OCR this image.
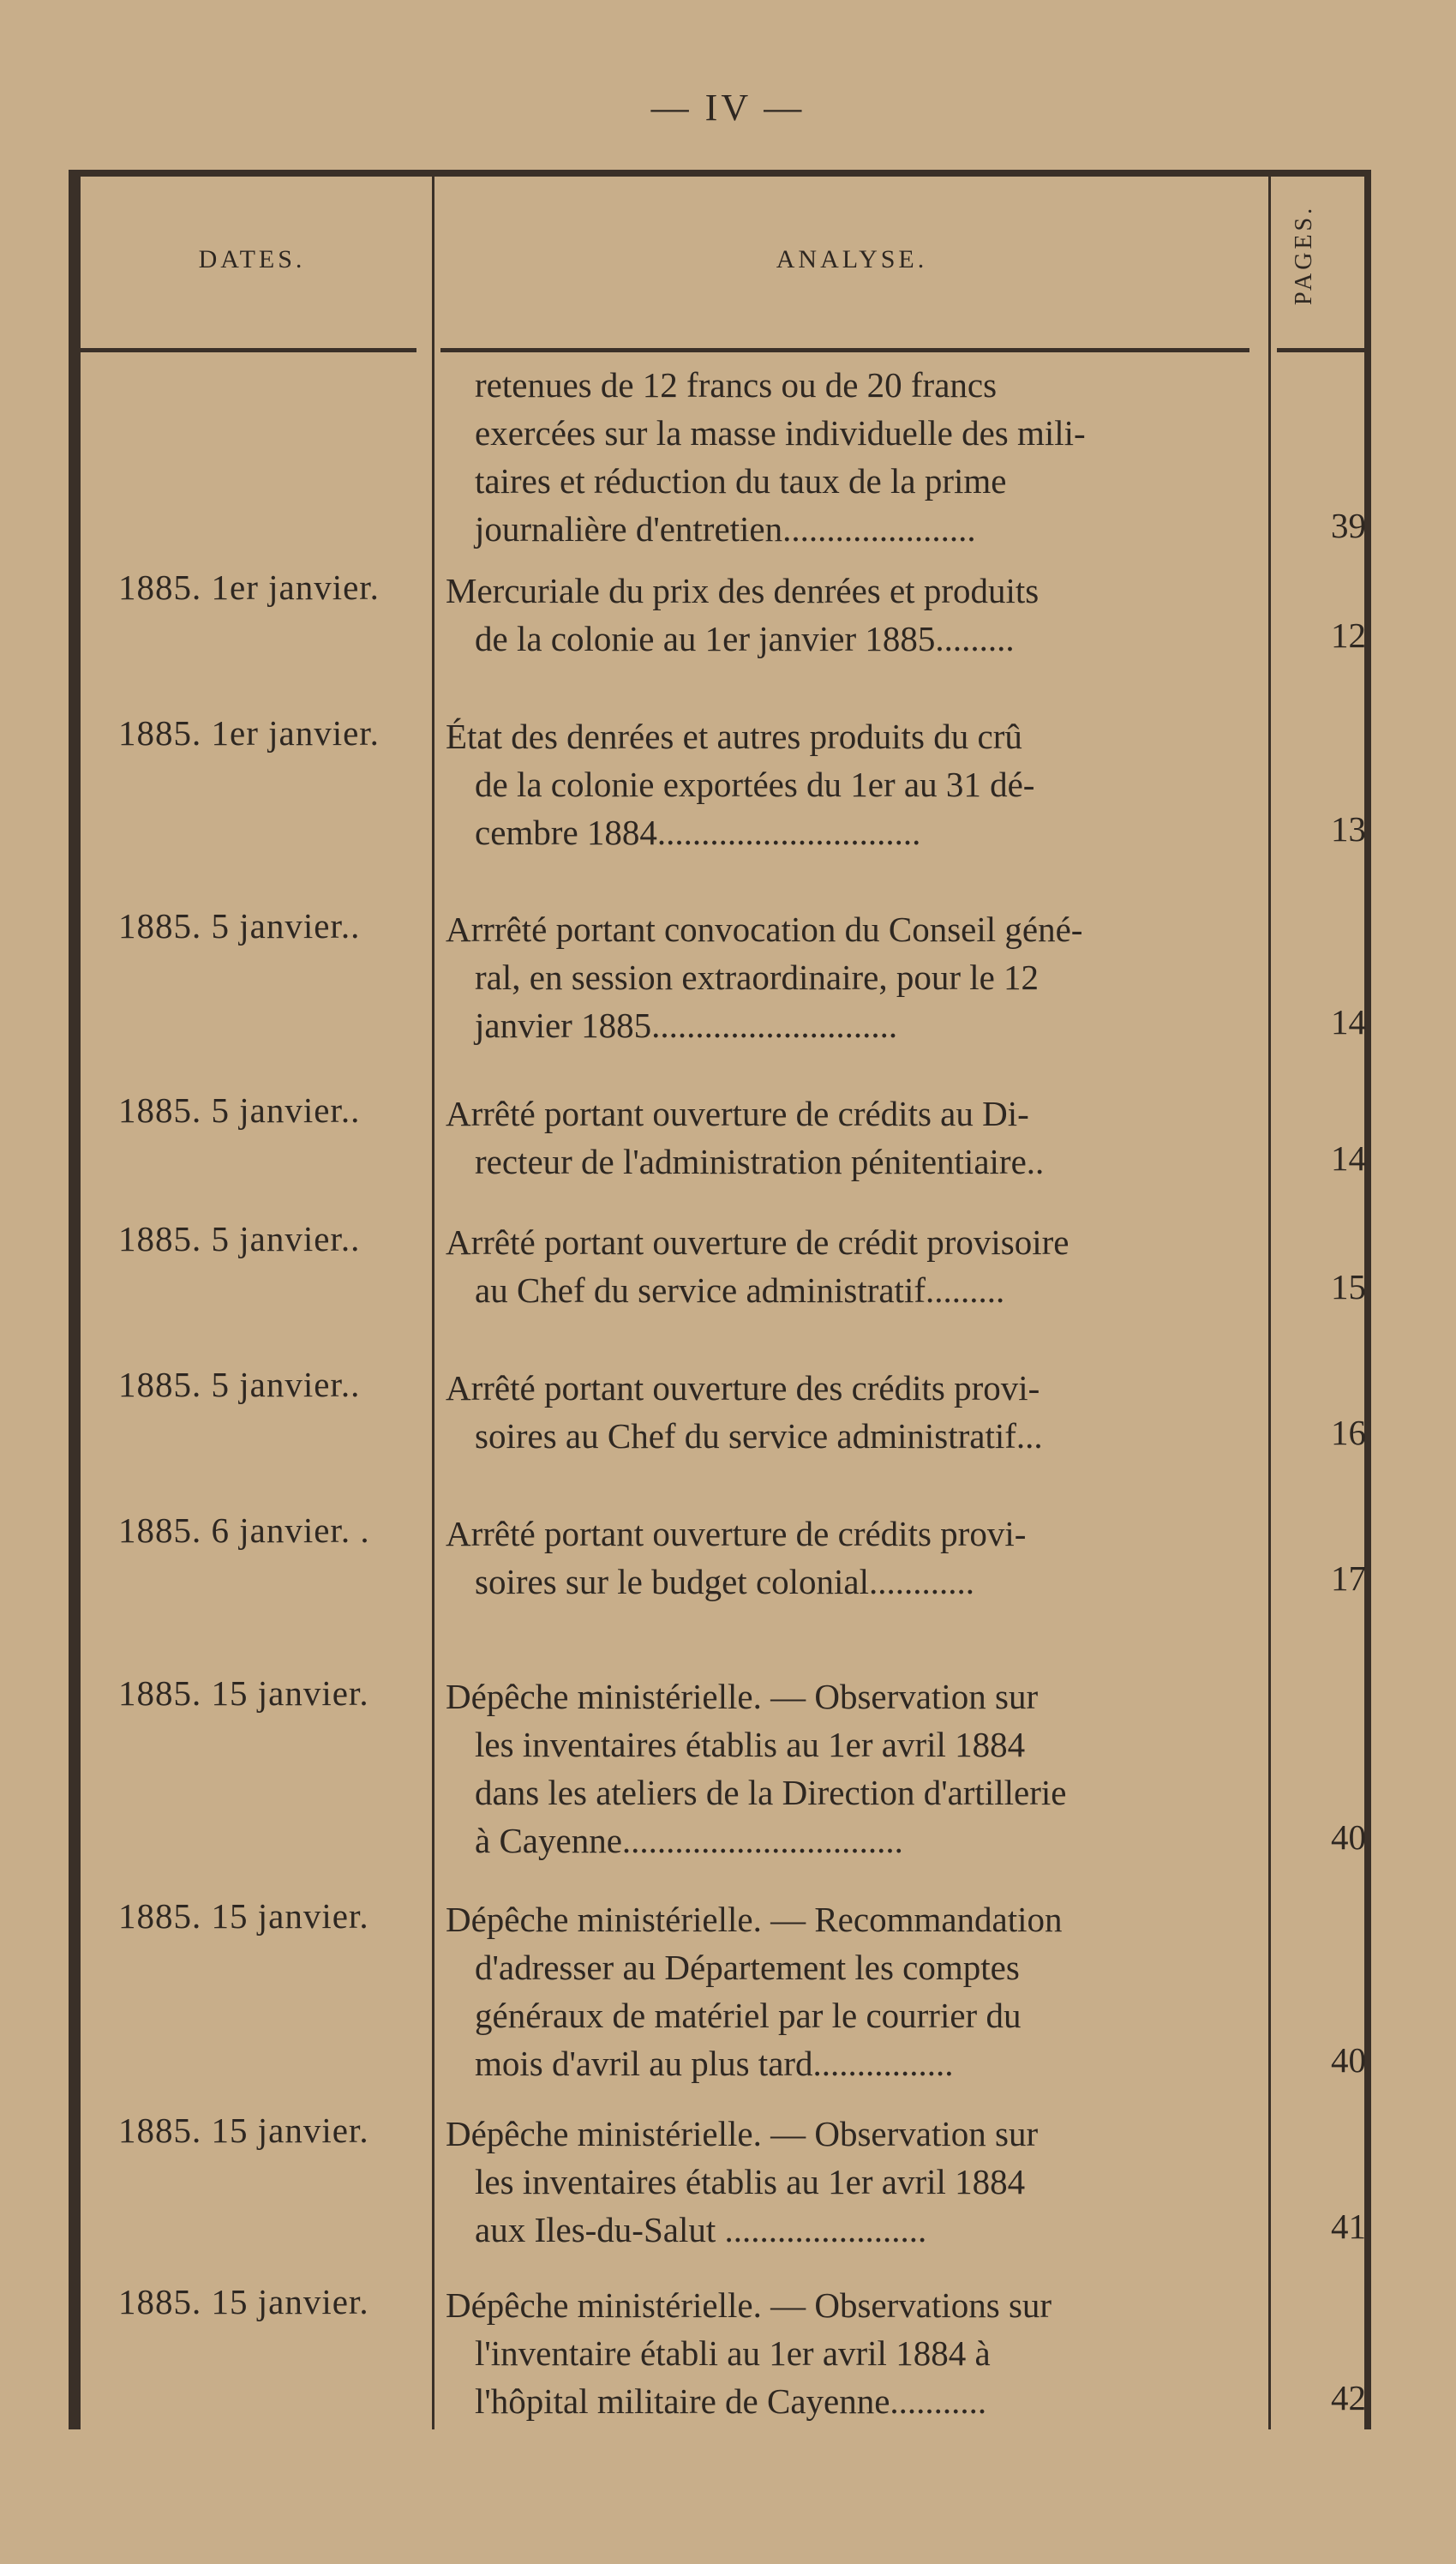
— IV —
DATES.	ANALYSE.	PAGES.
retenues de 12 francs ou de 20 francs
exercées sur la masse individuelle des mili-
taires et réduction du taux de la prime
journalière d'entretien......................	39
1885. 1er janvier. Mercuriale du prix des denrées et produits
de la colonie au 1er janvier 1885.........	12
1885. 1er janvier. État des denrées et autres produits du crû
de la colonie exportées du 1er au 31 dé-
cembre 1884..............................	13
1885. 5 janvier.. Arrrêté portant convocation du Conseil géné-
ral, en session extraordinaire, pour le 12
janvier 1885............................	14
1885. 5 janvier.. Arrêté portant ouverture de crédits au Di-
recteur de l'administration pénitentiaire..	14
1885. 5 janvier.. Arrêté portant ouverture de crédit provisoire
au Chef du service administratif.........	15
1885. 5 janvier.. Arrêté portant ouverture des crédits provi-
soires au Chef du service administratif...	16
1885. 6 janvier. . Arrêté portant ouverture de crédits provi-
soires sur le budget colonial............	17
1885. 15 janvier. Dépêche ministérielle. — Observation sur
les inventaires établis au 1er avril 1884
dans les ateliers de la Direction d'artillerie
à Cayenne................................	40
1885. 15 janvier. Dépêche ministérielle. — Recommandation
d'adresser au Département les comptes
généraux de matériel par le courrier du
mois d'avril au plus tard................	40
1885. 15 janvier. Dépêche ministérielle. — Observation sur
les inventaires établis au 1er avril 1884
aux Iles-du-Salut .......................	41
1885. 15 janvier. Dépêche ministérielle. — Observations sur
l'inventaire établi au 1er avril 1884 à
l'hôpital militaire de Cayenne...........	42
